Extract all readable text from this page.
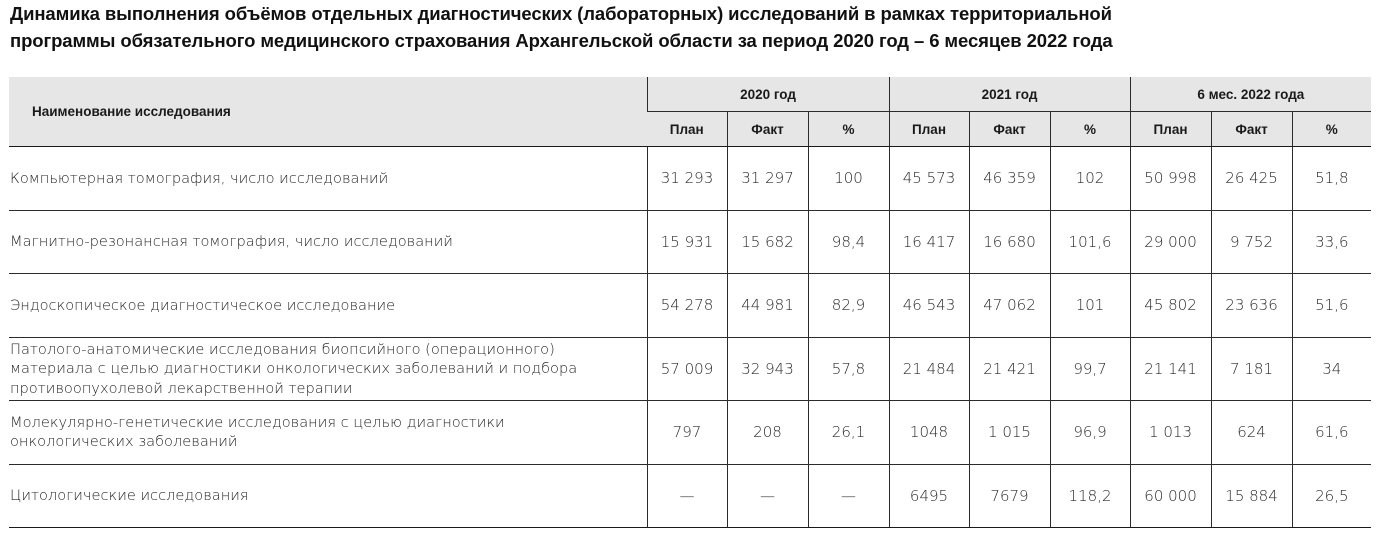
Динамика выполнения объёмов отдельных диагностических (лабораторных) исследований в рамках территориальной
программы обязательного медицинского страхования Архангельской области за период 2020 год – 6 месяцев 2022 года
Наименование исследования	2020 год			2021 год			6 мес. 2022 года		
	План	Факт	%	План	Факт	%	План	Факт	%

Компьютерная томография, число исследований	31 293	31 297	100	45 573	46 359	102	50 998	26 425	51,8

Магнитно-резонансная томография, число исследований	15 931	15 682	98,4	16 417	16 680	101,6	29 000	9 752	33,6

Эндоскопическое диагностическое исследование	54 278	44 981	82,9	46 543	47 062	101	45 802	23 636	51,6

Патолого-анатомические исследования биопсийного (операционного)
материала с целью диагностики онкологических заболеваний и подбора
противоопухолевой лекарственной терапии	57 009	32 943	57,8	21 484	21 421	99,7	21 141	7 181	34

Молекулярно-генетические исследования с целью диагностики
онкологических заболеваний	797	208	26,1	1048	1 015	96,9	1 013	624	61,6

Цитологические исследования	—	—	—	6495	7679	118,2	60 000	15 884	26,5
